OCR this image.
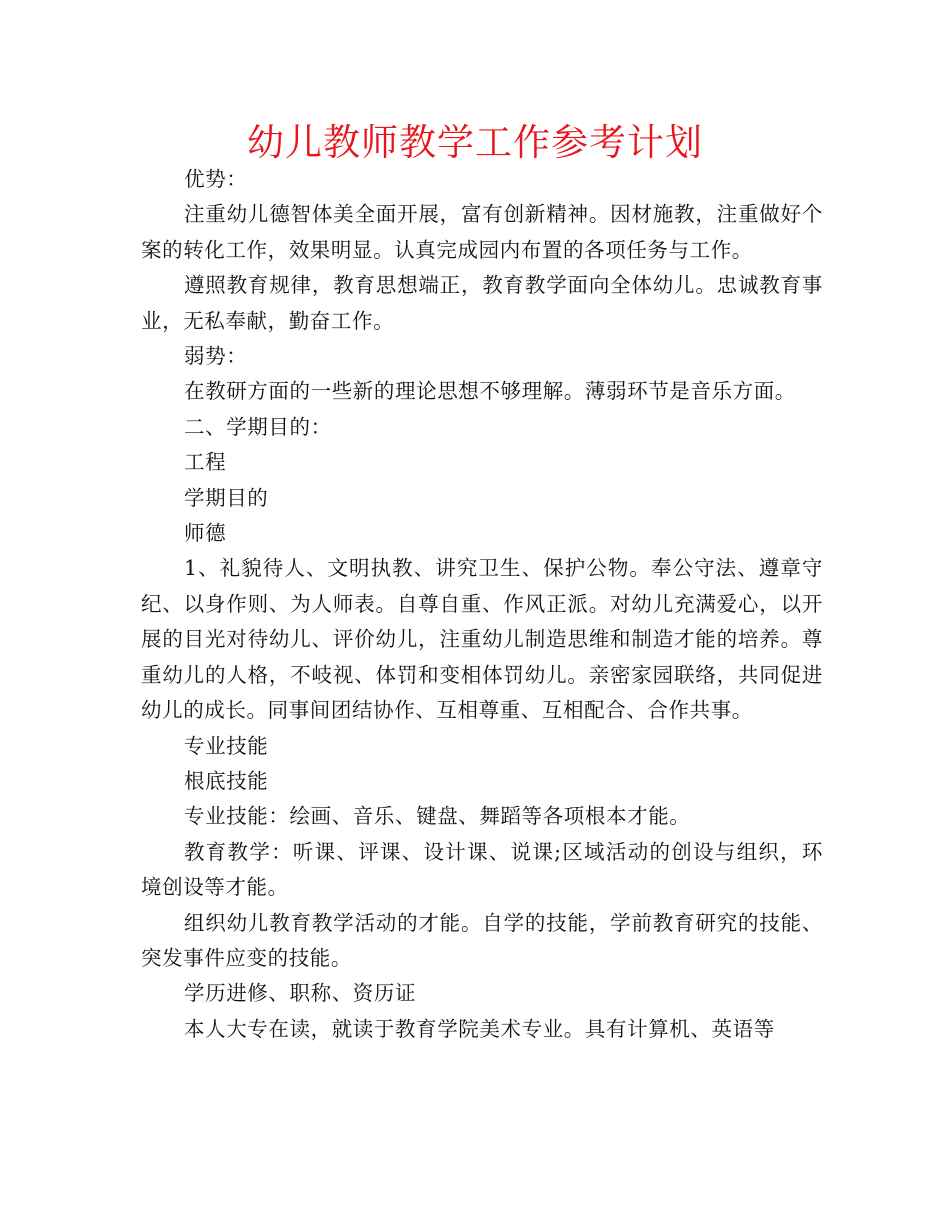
幼儿教师教学工作参考计划

优势：

注重幼儿德智体美全面开展，富有创新精神。因材施教，注重做好个案的转化工作，效果明显。认真完成园内布置的各项任务与工作。

遵照教育规律，教育思想端正，教育教学面向全体幼儿。忠诚教育事业，无私奉献，勤奋工作。

弱势：

在教研方面的一些新的理论思想不够理解。薄弱环节是音乐方面。

二、学期目的：

工程

学期目的

师德

1、礼貌待人、文明执教、讲究卫生、保护公物。奉公守法、遵章守纪、以身作则、为人师表。自尊自重、作风正派。对幼儿充满爱心，以开展的目光对待幼儿、评价幼儿，注重幼儿制造思维和制造才能的培养。尊重幼儿的人格，不岐视、体罚和变相体罚幼儿。亲密家园联络，共同促进幼儿的成长。同事间团结协作、互相尊重、互相配合、合作共事。

专业技能

根底技能

专业技能：绘画、音乐、键盘、舞蹈等各项根本才能。

教育教学：听课、评课、设计课、说课;区域活动的创设与组织，环境创设等才能。

组织幼儿教育教学活动的才能。自学的技能，学前教育研究的技能、突发事件应变的技能。

学历进修、职称、资历证

本人大专在读，就读于教育学院美术专业。具有计算机、英语等
